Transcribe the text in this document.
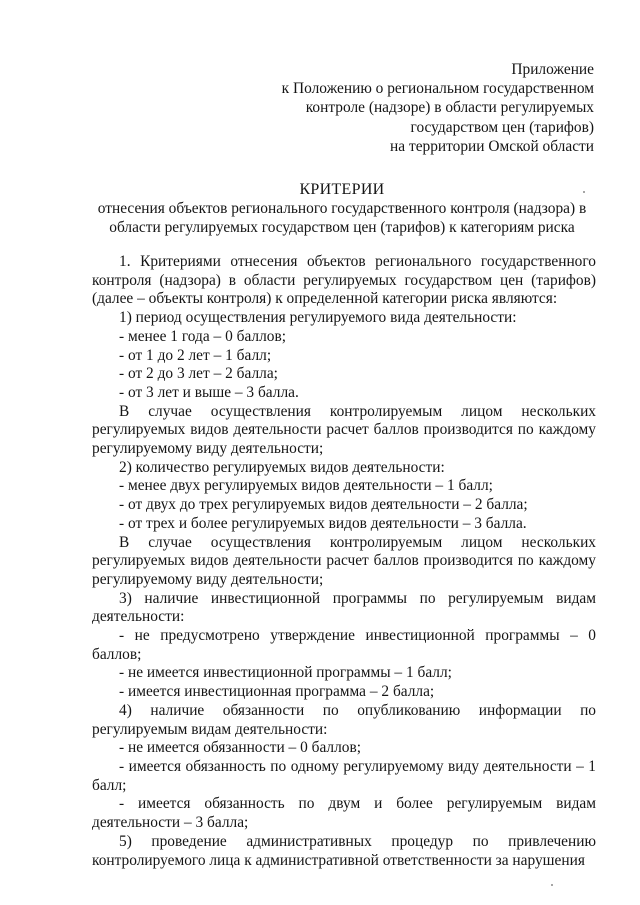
Приложение
к Положению о региональном государственном
контроле (надзоре) в области регулируемых
государством цен (тарифов)
на территории Омской области
КРИТЕРИИ
отнесения объектов регионального государственного контроля (надзора) в
области регулируемых государством цен (тарифов) к категориям риска
1. Критериями отнесения объектов регионального государственного контроля (надзора) в области регулируемых государством цен (тарифов) (далее – объекты контроля) к определенной категории риска являются:
1) период осуществления регулируемого вида деятельности:
- менее 1 года – 0 баллов;
- от 1 до 2 лет – 1 балл;
- от 2 до 3 лет – 2 балла;
- от 3 лет и выше – 3 балла.
В случае осуществления контролируемым лицом нескольких регулируемых видов деятельности расчет баллов производится по каждому регулируемому виду деятельности;
2) количество регулируемых видов деятельности:
- менее двух регулируемых видов деятельности – 1 балл;
- от двух до трех регулируемых видов деятельности – 2 балла;
- от трех и более регулируемых видов деятельности – 3 балла.
В случае осуществления контролируемым лицом нескольких регулируемых видов деятельности расчет баллов производится по каждому регулируемому виду деятельности;
3) наличие инвестиционной программы по регулируемым видам деятельности:
- не предусмотрено утверждение инвестиционной программы – 0 баллов;
- не имеется инвестиционной программы – 1 балл;
- имеется инвестиционная программа – 2 балла;
4) наличие обязанности по опубликованию информации по регулируемым видам деятельности:
- не имеется обязанности – 0 баллов;
- имеется обязанность по одному регулируемому виду деятельности – 1 балл;
- имеется обязанность по двум и более регулируемым видам деятельности – 3 балла;
5) проведение административных процедур по привлечению контролируемого лица к административной ответственности за нарушения
